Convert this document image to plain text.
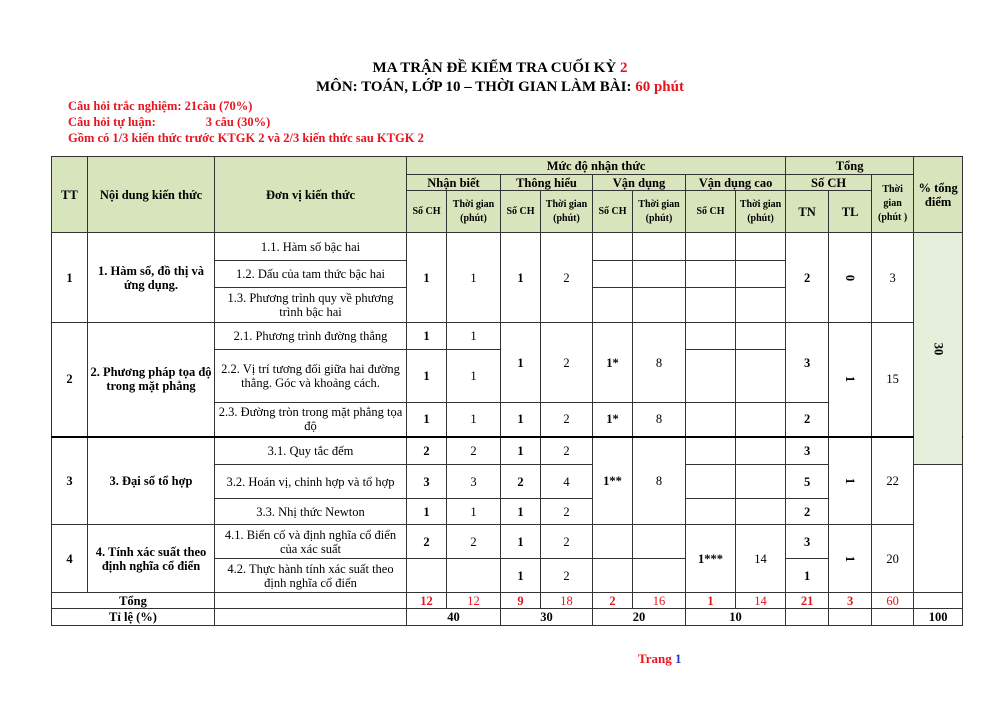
MA TRẬN ĐỀ KIỂM TRA CUỐI KỲ 2
MÔN: TOÁN, LỚP 10 – THỜI GIAN LÀM BÀI: 60 phút
Câu hỏi trắc nghiệm: 21câu (70%)
Câu hỏi tự luận:	3 câu (30%)
Gồm có 1/3 kiến thức trước KTGK 2 và 2/3 kiến thức sau KTGK 2
TT	Nội dung kiến thức	Đơn vị kiến thức	Mức độ nhận thức								Tổng			% tổng điểm	
			Nhận biết		Thông hiểu		Vận dụng		Vận dụng cao		Số CH		Thời gian (phút )		
			Số CH	Thời gian (phút)	Số CH	Thời gian (phút)	Số CH	Thời gian (phút)	Số CH	Thời gian (phút)	TN	TL			
1	1. Hàm số, đồ thị và ứng dụng.	1.1. Hàm số bậc hai	1	1	1	2					2	0	3	30	
		1.2. Dấu của tam thức bậc hai													
		1.3. Phương trình quy về phương trình bậc hai													
2	2. Phương pháp tọa độ trong mặt phẳng	2.1. Phương trình đường thẳng	1	1	1	2	1*	8			3	1	15		
		2.2. Vị trí tương đối giữa hai đường thẳng. Góc và khoảng cách.	1	1											
		2.3. Đường tròn trong mặt phẳng tọa độ	1	1	1	2	1*	8			2				
3	3. Đại số tổ hợp	3.1. Quy tắc đếm	2	2	1	2	1**	8			3	1	22	
		3.2. Hoán vị, chỉnh hợp và tổ hợp	3	3	2	4					5				
		3.3. Nhị thức Newton	1	1	1	2					2				
4	4. Tính xác suất theo định nghĩa cổ điển	4.1. Biến cố và định nghĩa cổ điển của xác suất	2	2	1	2			1***	14	3	1	20		
		4.2. Thực hành tính xác suất theo định nghĩa cổ điển			1	2					1				
Tổng			12	12	9	18	2	16	1	14	21	3	60		
Tỉ lệ (%)			40		30		20		10					100	
Trang 1
